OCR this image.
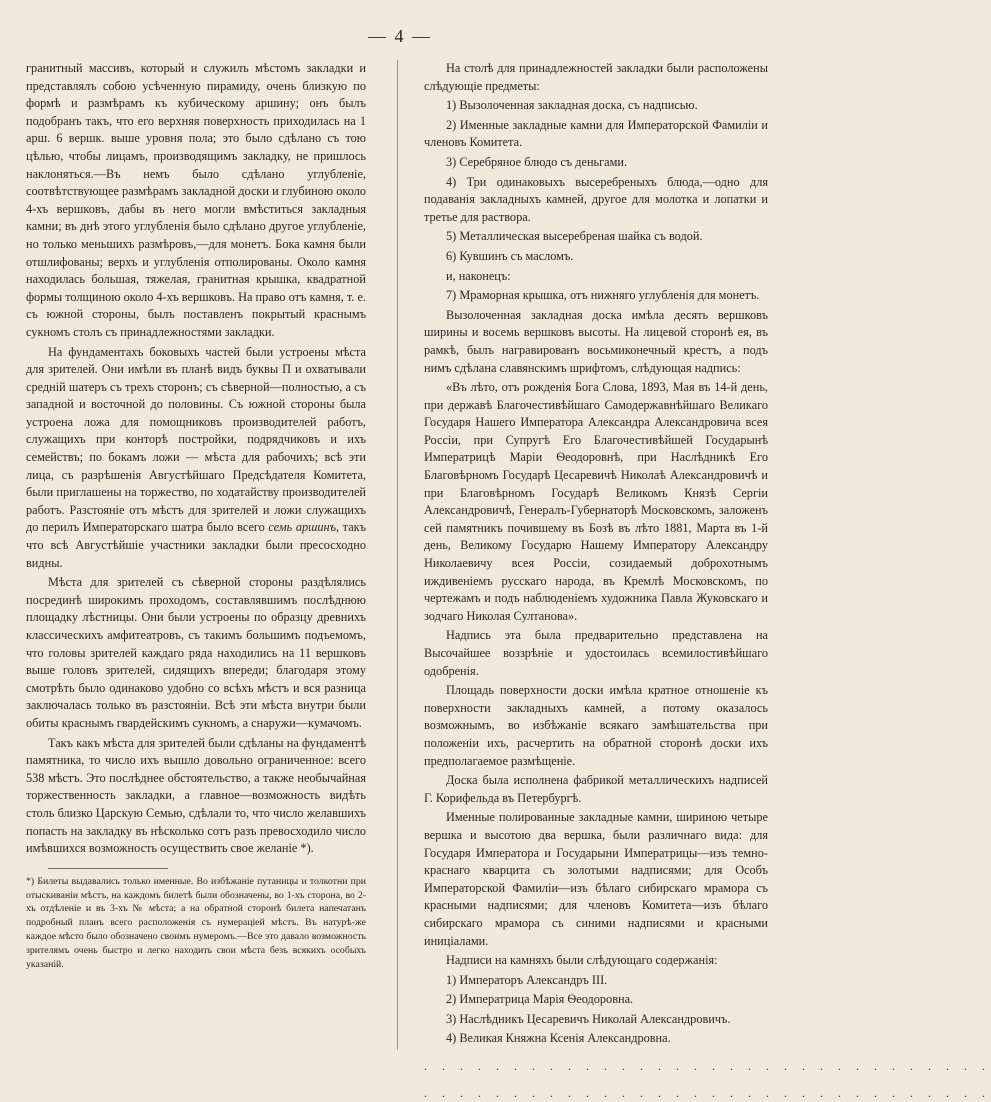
— 4 —

гранитный массивъ, который и служилъ мѣстомъ закладки и представлялъ собою усѣченную пирамиду, очень близкую по формѣ и размѣрамъ къ кубическому аршину; онъ былъ подобранъ такъ, что его верхняя поверхность приходилась на 1 арш. 6 вершк. выше уровня пола; это было сдѣлано съ тою цѣлью, чтобы лицамъ, производящимъ закладку, не пришлось наклоняться.—Въ немъ было сдѣлано углубленіе, соотвѣтствующее размѣрамъ закладной доски и глубиною около 4-хъ вершковъ, дабы въ него могли вмѣститься закладныя камни; въ днѣ этого углубленія было сдѣлано другое углубленіе, но только меньшихъ размѣровъ,—для монетъ. Бока камня были отшлифованы; верхъ и углубленія отполированы. Около камня находилась большая, тяжелая, гранитная крышка, квадратной формы толщиною около 4-хъ вершковъ. На право отъ камня, т. е. съ южной стороны, былъ поставленъ покрытый краснымъ сукномъ столъ съ принадлежностями закладки.

На фундаментахъ боковыхъ частей были устроены мѣста для зрителей. Они имѣли въ планѣ видъ буквы П и охватывали средній шатеръ съ трехъ сторонъ; съ сѣверной—полностью, а съ западной и восточной до половины. Съ южной стороны была устроена ложа для помощниковъ производителей работъ, служащихъ при конторѣ постройки, подрядчиковъ и ихъ семействъ; по бокамъ ложи — мѣста для рабочихъ; всѣ эти лица, съ разрѣшенія Августѣйшаго Предсѣдателя Комитета, были приглашены на торжество, по ходатайству производителей работъ. Разстояніе отъ мѣстъ для зрителей и ложи служащихъ до перилъ Императорскаго шатра было всего семь аршинъ, такъ что всѣ Августѣйшіе участники закладки были пресосходно видны.

Мѣста для зрителей съ сѣверной стороны раздѣлялись посрединѣ широкимъ проходомъ, составлявшимъ послѣднюю площадку лѣстницы. Они были устроены по образцу древнихъ классическихъ амфитеатровъ, съ такимъ большимъ подъемомъ, что головы зрителей каждаго ряда находились на 11 вершковъ выше головъ зрителей, сидящихъ впереди; благодаря этому смотрѣть было одинаково удобно со всѣхъ мѣстъ и вся разница заключалась только въ разстояніи. Всѣ эти мѣста внутри были обиты краснымъ гвардейскимъ сукномъ, а снаружи—кумачомъ.

Такъ какъ мѣста для зрителей были сдѣланы на фундаментѣ памятника, то число ихъ вышло довольно ограниченное: всего 538 мѣстъ. Это послѣднее обстоятельство, а также необычайная торжественность закладки, а главное—возможность видѣть столь близко Царскую Семью, сдѣлали то, что число желавшихъ попасть на закладку въ нѣсколько сотъ разъ превосходило число имѣвшихся возможность осуществить свое желаніе *).

*) Билеты выдавались только именные. Во избѣжаніе путаницы и толкотни при отыскиваніи мѣстъ, на каждомъ билетѣ были обозначены, во 1-хъ сторона, во 2-хъ отдѣленіе и въ 3-хъ № мѣста; а на обратной сторонѣ билета напечатанъ подробный планъ всего расположенія съ нумераціей мѣстъ. Въ натурѣ-же каждое мѣсто было обозначено своимъ нумеромъ.—Все это давало возможность зрителямъ очень быстро и легко находить свои мѣста безъ всякихъ особыхъ указаній.

На столѣ для принадлежностей закладки были расположены слѣдующіе предметы:

1) Вызолоченная закладная доска, съ надписью.

2) Именные закладные камни для Императорской Фамиліи и членовъ Комитета.

3) Серебряное блюдо съ деньгами.

4) Три одинаковыхъ высеребреныхъ блюда,—одно для подаванія закладныхъ камней, другое для молотка и лопатки и третье для раствора.

5) Металлическая высеребреная шайка съ водой.

6) Кувшинъ съ масломъ.

и, наконецъ:

7) Мраморная крышка, отъ нижняго углубленія для монетъ.

Вызолоченная закладная доска имѣла десять вершковъ ширины и восемь вершковъ высоты. На лицевой сторонѣ ея, въ рамкѣ, былъ награвированъ восьмиконечный крестъ, а подъ нимъ сдѣлана славянскимъ шрифтомъ, слѣдующая надпись:

«Въ лѣто, отъ рожденія Бога Слова, 1893, Мая въ 14-й день, при державѣ Благочестивѣйшаго Самодержавнѣйшаго Великаго Государя Нашего Императора Александра Александровича всея Россіи, при Супругѣ Его Благочестивѣйшей Государынѣ Императрицѣ Маріи Ѳеодоровнѣ, при Наслѣдникѣ Его Благовѣрномъ Государѣ Цесаревичѣ Николаѣ Александровичѣ и при Благовѣрномъ Государѣ Великомъ Князѣ Сергіи Александровичѣ, Генералъ-Губернаторѣ Московскомъ, заложенъ сей памятникъ почившему въ Бозѣ въ лѣто 1881, Марта въ 1-й день, Великому Государю Нашему Императору Александру Николаевичу всея Россіи, созидаемый доброхотнымъ иждивеніемъ русскаго народа, въ Кремлѣ Московскомъ, по чертежамъ и подъ наблюденіемъ художника Павла Жуковскаго и зодчаго Николая Султанова».

Надпись эта была предварительно представлена на Высочайшее воззрѣніе и удостоилась всемилостивѣйшаго одобренія.

Площадь поверхности доски имѣла кратное отношеніе къ поверхности закладныхъ камней, а потому оказалось возможнымъ, во избѣжаніе всякаго замѣшательства при положеніи ихъ, расчертить на обратной сторонѣ доски ихъ предполагаемое размѣщеніе.

Доска была исполнена фабрикой металлическихъ надписей Г. Корифельда въ Петербургѣ.

Именные полированные закладные камни, шириною четыре вершка и высотою два вершка, были различнаго вида: для Государя Императора и Государыни Императрицы—изъ темно-краснаго кварцита съ золотыми надписями; для Особъ Императорской Фамиліи—изъ бѣлаго сибирскаго мрамора съ красными надписями; для членовъ Комитета—изъ бѣлаго сибирскаго мрамора съ синими надписями и красными иниціалами.

Надписи на камняхъ были слѣдующаго содержанія:

1) Императоръ Александръ III.

2) Императрица Марія Ѳеодоровна.

3) Наслѣдникъ Цесаревичъ Николай Александровичъ.

4) Великая Княжна Ксенія Александровна.

. . . . . . . . . . . . . . . . . . . . . . . . . . . . . . . .
. . . . . . . . . . . . . . . . . . . . . . . . . . . . . . . .
